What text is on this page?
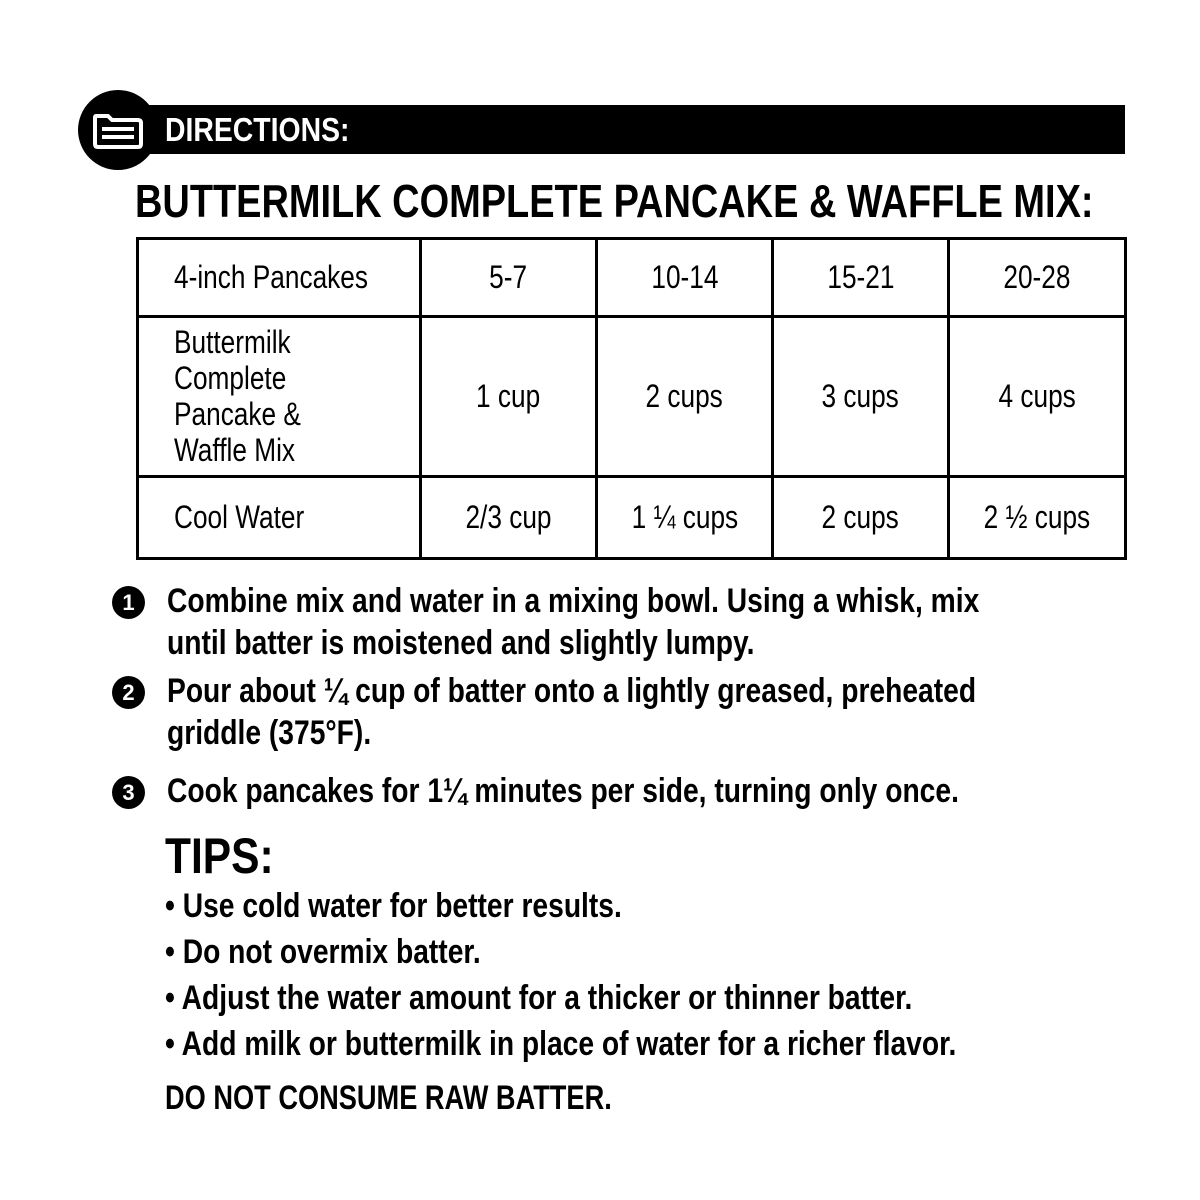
DIRECTIONS:
BUTTERMILK COMPLETE PANCAKE & WAFFLE MIX:
4-inch Pancakes	5-7	10-14	15-21	20-28
Buttermilk
Complete
Pancake &
Waffle Mix	1 cup	2 cups	3 cups	4 cups
Cool Water	2/3 cup	1 ¼ cups	2 cups	2 ½ cups
1 Combine mix and water in a mixing bowl. Using a whisk, mix
until batter is moistened and slightly lumpy.
2 Pour about ¼ cup of batter onto a lightly greased, preheated
griddle (375°F).
3 Cook pancakes for 1¼ minutes per side, turning only once.
TIPS:
• Use cold water for better results.
• Do not overmix batter.
• Adjust the water amount for a thicker or thinner batter.
• Add milk or buttermilk in place of water for a richer flavor.
DO NOT CONSUME RAW BATTER.
